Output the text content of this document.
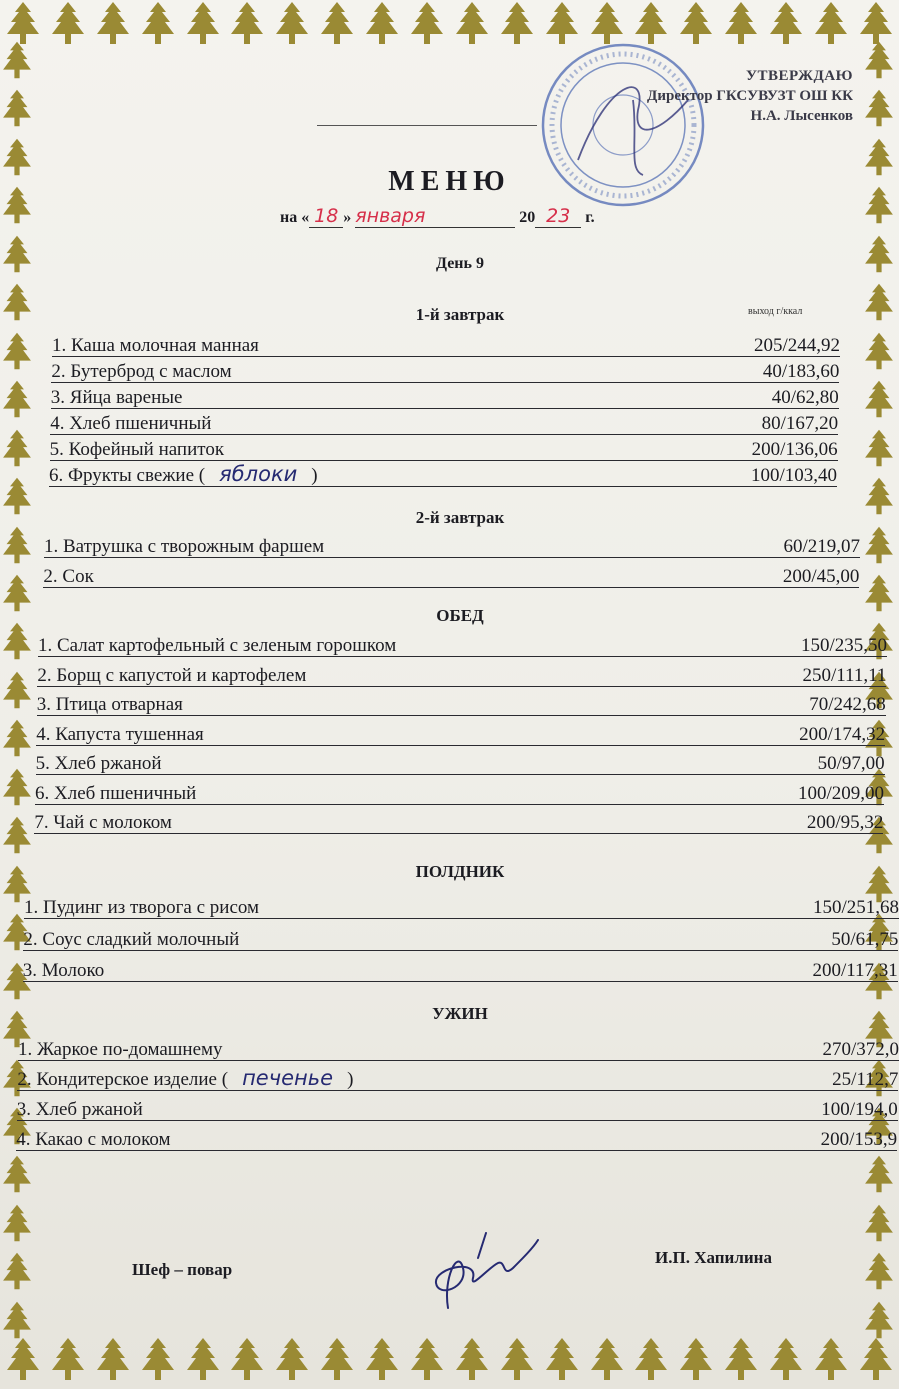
УТВЕРЖДАЮ
Директор ГКСУВУЗТ ОШ КК
Н.А. Лысенков
МЕНЮ
на « 18 » января	20 23 г.
День 9
выход г/ккал
1-й завтрак
1. Каша молочная манная	205/244,92
2. Бутерброд с маслом	40/183,60
3. Яйца вареные	40/62,80
4. Хлеб пшеничный	80/167,20
5. Кофейный напиток	200/136,06
6. Фрукты свежие ( яблоки )	100/103,40
2-й завтрак
1. Ватрушка с творожным фаршем	60/219,07
2. Сок	200/45,00
ОБЕД
1. Салат картофельный с зеленым горошком	150/235,50
2. Борщ с капустой и картофелем	250/111,11
3. Птица отварная	70/242,68
4. Капуста тушенная	200/174,32
5. Хлеб ржаной	50/97,00
6. Хлеб пшеничный	100/209,00
7. Чай с молоком	200/95,32
ПОЛДНИК
1. Пудинг из творога с рисом	150/251,68
2. Соус сладкий молочный	50/61,75
3. Молоко	200/117,31
УЖИН
1. Жаркое по-домашнему	270/372,0
2. Кондитерское изделие ( печенье )	25/112,7
3. Хлеб ржаной	100/194,0
4. Какао с молоком	200/153,9
Шеф – повар
И.П. Хапилина
